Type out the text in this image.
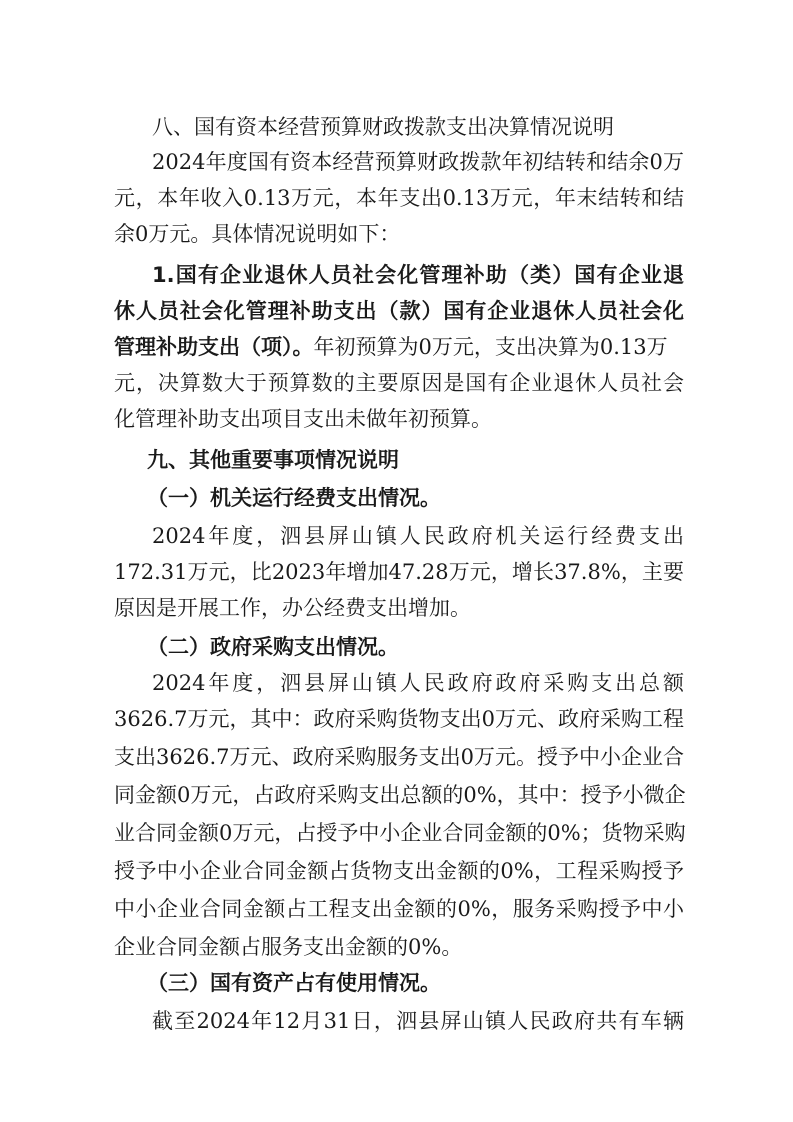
八、国有资本经营预算财政拨款支出决算情况说明
2024年度国有资本经营预算财政拨款年初结转和结余0万
元，本年收入0.13万元，本年支出0.13万元，年末结转和结
余0万元。具体情况说明如下：
1.国有企业退休人员社会化管理补助（类）国有企业退
休人员社会化管理补助支出（款）国有企业退休人员社会化
管理补助支出（项）。年初预算为0万元，支出决算为0.13万
元，决算数大于预算数的主要原因是国有企业退休人员社会
化管理补助支出项目支出未做年初预算。
九、其他重要事项情况说明
（一）机关运行经费支出情况。
2024年度，泗县屏山镇人民政府机关运行经费支出
172.31万元，比2023年增加47.28万元，增长37.8%，主要
原因是开展工作，办公经费支出增加。
（二）政府采购支出情况。
2024年度，泗县屏山镇人民政府政府采购支出总额
3626.7万元，其中：政府采购货物支出0万元、政府采购工程
支出3626.7万元、政府采购服务支出0万元。授予中小企业合
同金额0万元，占政府采购支出总额的0%，其中：授予小微企
业合同金额0万元，占授予中小企业合同金额的0%；货物采购
授予中小企业合同金额占货物支出金额的0%，工程采购授予
中小企业合同金额占工程支出金额的0%，服务采购授予中小
企业合同金额占服务支出金额的0%。
（三）国有资产占有使用情况。
截至2024年12月31日，泗县屏山镇人民政府共有车辆
